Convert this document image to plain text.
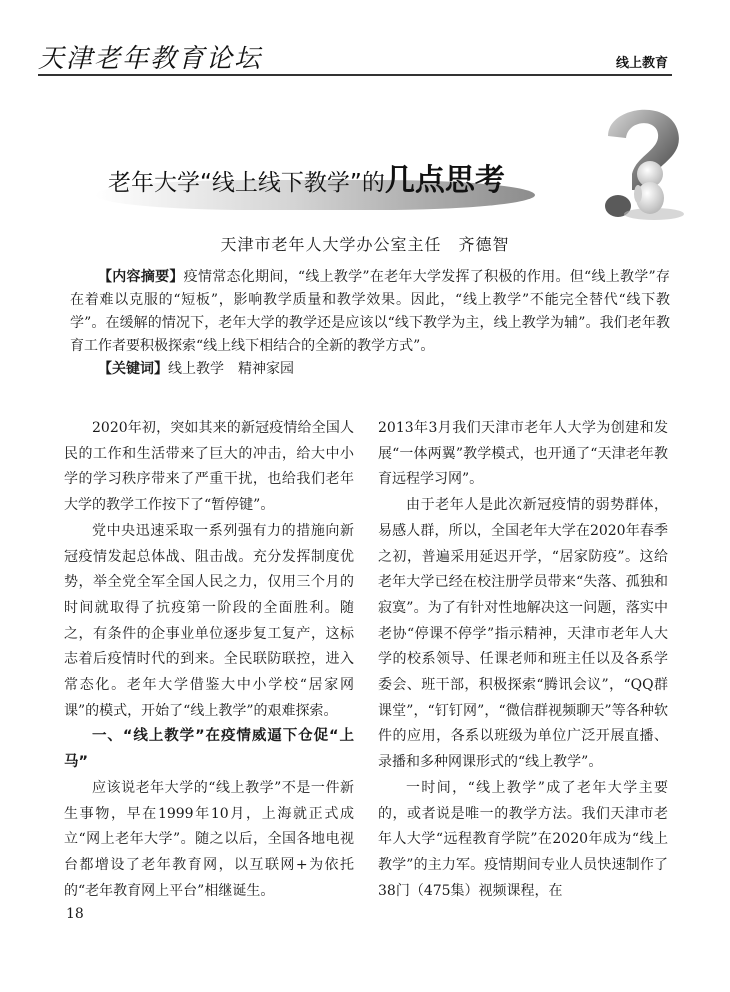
天津老年教育论坛	线上教育
老年大学“线上线下教学”的几点思考
天津市老年人大学办公室主任　齐德智

【内容摘要】疫情常态化期间，“线上教学”在老年大学发挥了积极的作用。但“线上教学”存在着难以克服的“短板”，影响教学质量和教学效果。因此，“线上教学”不能完全替代“线下教学”。在缓解的情况下，老年大学的教学还是应该以“线下教学为主，线上教学为辅”。我们老年教育工作者要积极探索“线上线下相结合的全新的教学方式”。

【关键词】线上教学　精神家园

2020年初，突如其来的新冠疫情给全国人民的工作和生活带来了巨大的冲击，给大中小学的学习秩序带来了严重干扰，也给我们老年大学的教学工作按下了“暂停键”。

党中央迅速采取一系列强有力的措施向新冠疫情发起总体战、阻击战。充分发挥制度优势，举全党全军全国人民之力，仅用三个月的时间就取得了抗疫第一阶段的全面胜利。随之，有条件的企事业单位逐步复工复产，这标志着后疫情时代的到来。全民联防联控，进入常态化。老年大学借鉴大中小学校“居家网课”的模式，开始了“线上教学”的艰难探索。

一、“线上教学”在疫情威逼下仓促“上马”

应该说老年大学的“线上教学”不是一件新生事物，早在1999年10月，上海就正式成立“网上老年大学”。随之以后，全国各地电视台都增设了老年教育网，以互联网+为依托的“老年教育网上平台”相继诞生。

2013年3月我们天津市老年人大学为创建和发展“一体两翼”教学模式，也开通了“天津老年教育远程学习网”。

由于老年人是此次新冠疫情的弱势群体，易感人群，所以，全国老年大学在2020年春季之初，普遍采用延迟开学，“居家防疫”。这给老年大学已经在校注册学员带来“失落、孤独和寂寞”。为了有针对性地解决这一问题，落实中老协“停课不停学”指示精神，天津市老年人大学的校系领导、任课老师和班主任以及各系学委会、班干部，积极探索“腾讯会议”，“QQ群课堂”，“钉钉网”，“微信群视频聊天”等各种软件的应用，各系以班级为单位广泛开展直播、录播和多种网课形式的“线上教学”。

一时间，“线上教学”成了老年大学主要的，或者说是唯一的教学方法。我们天津市老年人大学“远程教育学院”在2020年成为“线上教学”的主力军。疫情期间专业人员快速制作了38门（475集）视频课程，在

18
